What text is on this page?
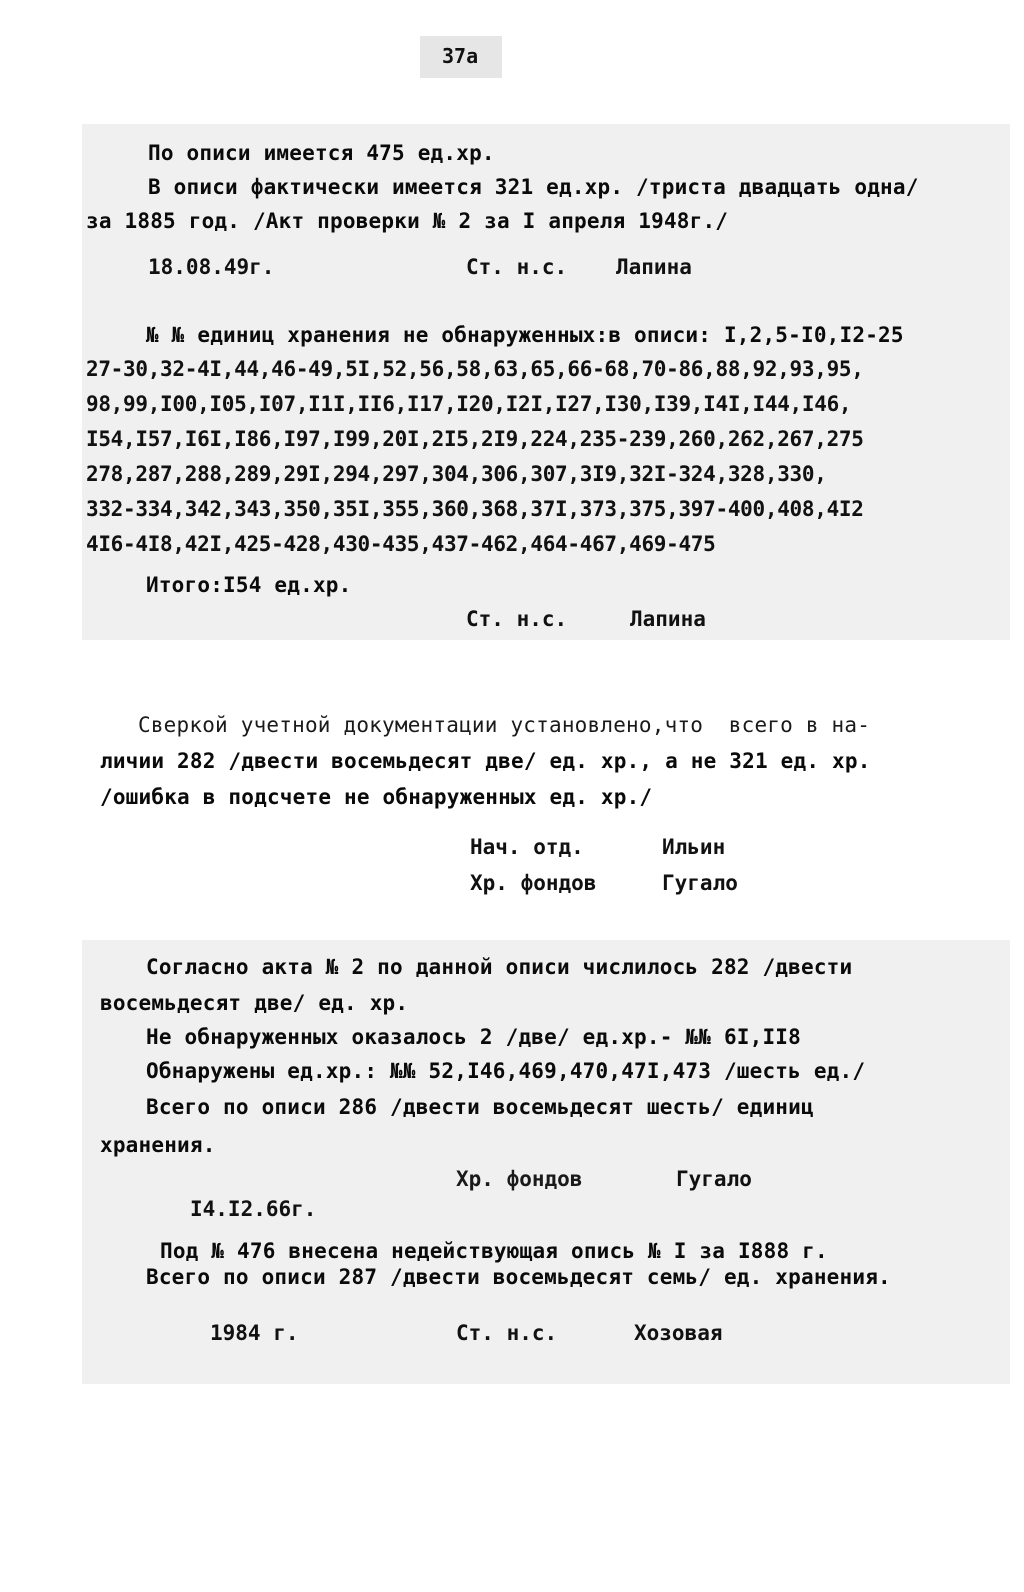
37a
По описи имеется 475 ед.хр.
В описи фактически имеется 321 ед.хр. /триста двадцать одна/
за 1885 год. /Акт проверки № 2 за I апреля 1948г./
18.08.49г.	Ст. н.с. Лапина
№ № единиц хранения не обнаруженных:в описи: I,2,5-I0,I2-25
27-30,32-4I,44,46-49,5I,52,56,58,63,65,66-68,70-86,88,92,93,95,
98,99,I00,I05,I07,I1I,II6,I17,I20,I2I,I27,I30,I39,I4I,I44,I46,
I54,I57,I6I,I86,I97,I99,20I,2I5,2I9,224,235-239,260,262,267,275
278,287,288,289,29I,294,297,304,306,307,3I9,32I-324,328,330,
332-334,342,343,350,35I,355,360,368,37I,373,375,397-400,408,4I2
4I6-4I8,42I,425-428,430-435,437-462,464-467,469-475
Итого:I54 ед.хр.
Ст. н.с.	Лапина
Сверкой учетной документации установлено,что  всего в на-
личии 282 /двести восемьдесят две/ ед. хр., а не 321 ед. хр.
/ошибка в подсчете не обнаруженных ед. хр./
Нач. отд.	Ильин
Хр. фондов	Гугало
Согласно акта № 2 по данной описи числилось 282 /двести
восемьдесят две/ ед. хр.
Не обнаруженных оказалось 2 /две/ ед.хр.- №№ 6I,II8
Обнаружены ед.хр.: №№ 52,I46,469,470,47I,473 /шесть ед./
Всего по описи 286 /двести восемьдесят шесть/ единиц
хранения.
Хр. фондов	Гугало
I4.I2.66г.
Под № 476 внесена недействующая опись № I за I888 г.
Всего по описи 287 /двести восемьдесят семь/ ед. хранения.
1984 г.	Ст. н.с.	Хозовая
